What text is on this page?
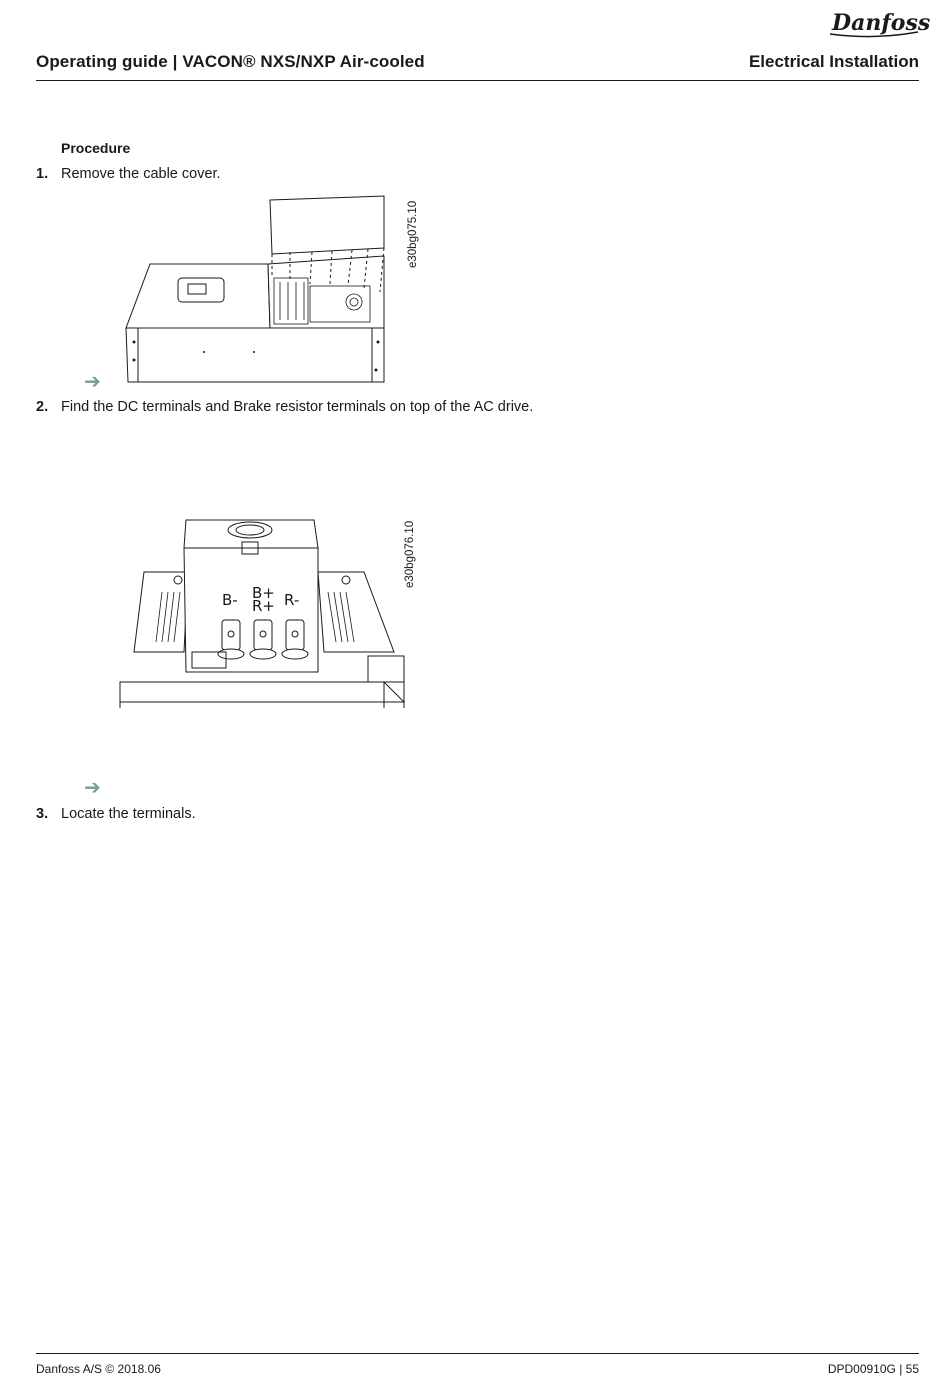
Danfoss
Operating guide | VACON® NXS/NXP Air-cooled	Electrical Installation
Procedure
1. Remove the cable cover.
e30bg075.10
➔
2. Find the DC terminals and Brake resistor terminals on top of the AC drive.
B- B+
R+ R-
e30bg076.10
➔
3. Locate the terminals.
Danfoss A/S © 2018.06	DPD00910G | 55
